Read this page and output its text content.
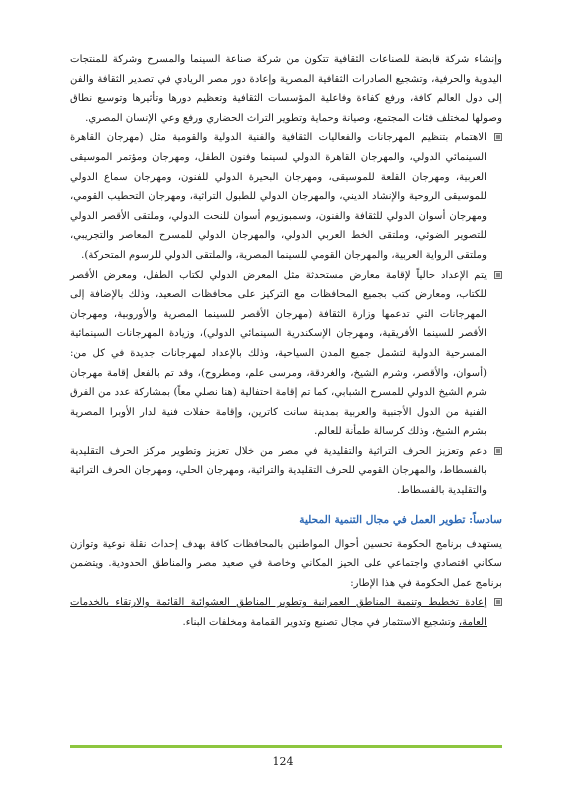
وإنشاء شركة قابضة للصناعات الثقافية تتكون من شركة صناعة السينما والمسرح وشركة للمنتجات اليدوية والحرفية، وتشجيع الصادرات الثقافية المصرية وإعادة دور مصر الريادي في تصدير الثقافة والفن إلى دول العالم كافة، ورفع كفاءة وفاعلية المؤسسات الثقافية وتعظيم دورها وتأثيرها وتوسيع نطاق وصولها لمختلف فئات المجتمع، وصيانة وحماية وتطوير التراث الحضاري ورفع وعي الإنسان المصري.

الاهتمام بتنظيم المهرجانات والفعاليات الثقافية والفنية الدولية والقومية مثل (مهرجان القاهرة السينمائي الدولي، والمهرجان القاهرة الدولي لسينما وفنون الطفل، ومهرجان ومؤتمر الموسيقى العربية، ومهرجان القلعة للموسيقى، ومهرجان البحيرة الدولي للفنون، ومهرجان سماع الدولي للموسيقى الروحية والإنشاد الديني، والمهرجان الدولي للطبول التراثية، ومهرجان التحطيب القومي، ومهرجان أسوان الدولي للثقافة والفنون، وسمبوزيوم أسوان للنحت الدولي، وملتقى الأقصر الدولي للتصوير الضوئي، وملتقى الخط العربي الدولي، والمهرجان الدولي للمسرح المعاصر والتجريبي، وملتقى الرواية العربية، والمهرجان القومي للسينما المصرية، والملتقى الدولي للرسوم المتحركة).
يتم الإعداد حالياً لإقامة معارض مستحدثة مثل المعرض الدولي لكتاب الطفل، ومعرض الأقصر للكتاب، ومعارض كتب بجميع المحافظات مع التركيز على محافظات الصعيد، وذلك بالإضافة إلى المهرجانات التي تدعمها وزارة الثقافة (مهرجان الأقصر للسينما المصرية والأوروبية، ومهرجان الأقصر للسينما الأفريقية، ومهرجان الإسكندرية السينمائي الدولي)، وزيادة المهرجانات السينمائية المسرحية الدولية لتشمل جميع المدن السياحية، وذلك بالإعداد لمهرجانات جديدة في كل من: (أسوان، والأقصر، وشرم الشيخ، والغردقة، ومرسى علم، ومطروح)، وقد تم بالفعل إقامة مهرجان شرم الشيخ الدولي للمسرح الشبابي، كما تم إقامة احتفالية (هنا نصلي معاً) بمشاركة عدد من الفرق الفنية من الدول الأجنبية والعربية بمدينة سانت كاترين، وإقامة حفلات فنية لدار الأوبرا المصرية بشرم الشيخ، وذلك كرسالة طمأنة للعالم.
دعم وتعزيز الحرف التراثية والتقليدية في مصر من خلال تعزيز وتطوير مركز الحرف التقليدية بالفسطاط، والمهرجان القومي للحرف التقليدية والتراثية، ومهرجان الحلي، ومهرجان الحرف التراثية والتقليدية بالفسطاط.

سادساً: تطوير العمل في مجال التنمية المحلية

يستهدف برنامج الحكومة تحسين أحوال المواطنين بالمحافظات كافة بهدف إحداث نقلة نوعية وتوازن سكاني اقتصادي واجتماعي على الحيز المكاني وخاصة في صعيد مصر والمناطق الحدودية. ويتضمن برنامج عمل الحكومة في هذا الإطار:

إعادة تخطيط وتنمية المناطق العمرانية وتطوير المناطق العشوائية القائمة والارتقاء بالخدمات العامة، وتشجيع الاستثمار في مجال تصنيع وتدوير القمامة ومخلفات البناء.
124
